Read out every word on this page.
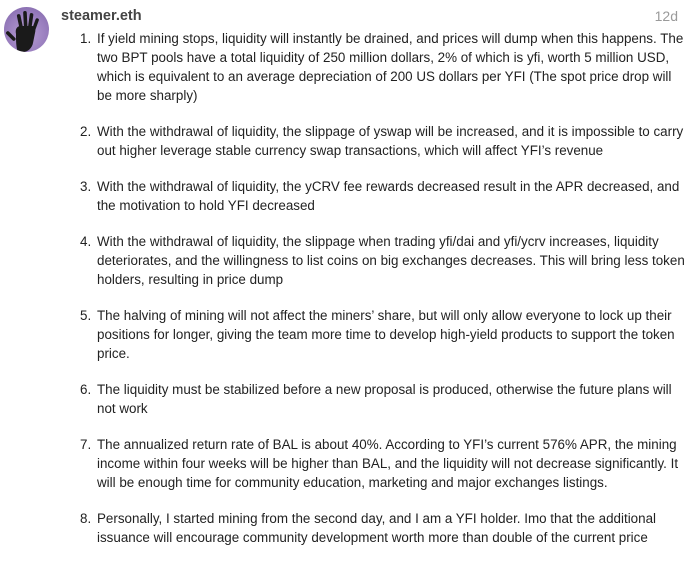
steamer.eth	12d
1. If yield mining stops, liquidity will instantly be drained, and prices will dump when this happens. The two BPT pools have a total liquidity of 250 million dollars, 2% of which is yfi, worth 5 million USD, which is equivalent to an average depreciation of 200 US dollars per YFI (The spot price drop will be more sharply)
2. With the withdrawal of liquidity, the slippage of yswap will be increased, and it is impossible to carry out higher leverage stable currency swap transactions, which will affect YFI’s revenue
3. With the withdrawal of liquidity, the yCRV fee rewards decreased result in the APR decreased, and the motivation to hold YFI decreased
4. With the withdrawal of liquidity, the slippage when trading yfi/dai and yfi/ycrv increases, liquidity deteriorates, and the willingness to list coins on big exchanges decreases. This will bring less token holders, resulting in price dump
5. The halving of mining will not affect the miners’ share, but will only allow everyone to lock up their positions for longer, giving the team more time to develop high-yield products to support the token price.
6. The liquidity must be stabilized before a new proposal is produced, otherwise the future plans will not work
7. The annualized return rate of BAL is about 40%. According to YFI’s current 576% APR, the mining income within four weeks will be higher than BAL, and the liquidity will not decrease significantly. It will be enough time for community education, marketing and major exchanges listings.
8. Personally, I started mining from the second day, and I am a YFI holder. Imo that the additional issuance will encourage community development worth more than double of the current price
